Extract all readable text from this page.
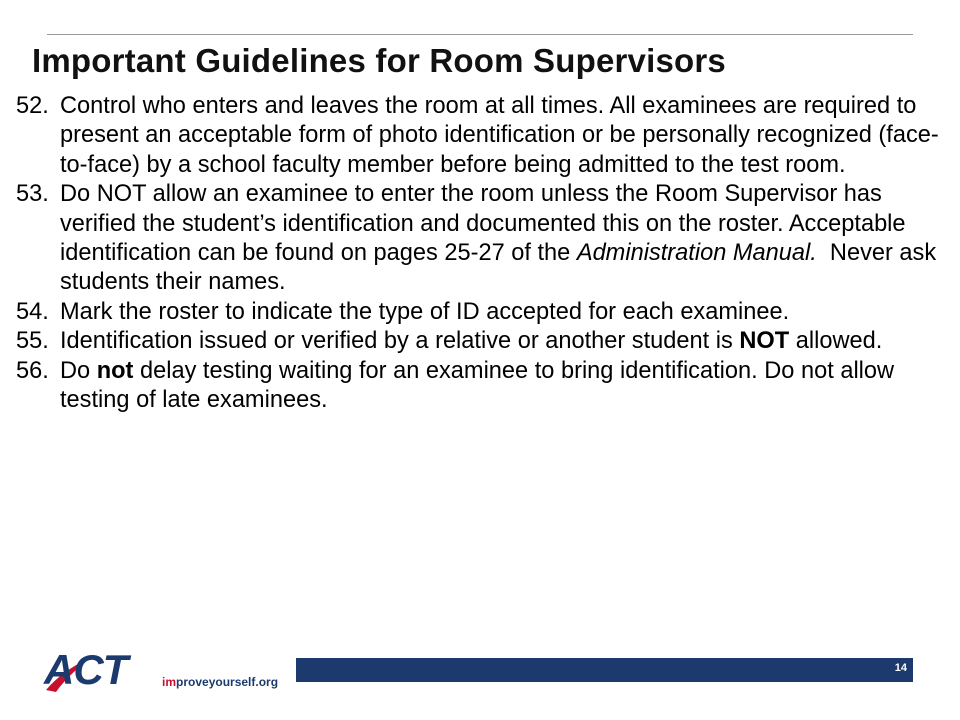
Important Guidelines for Room Supervisors
52. Control who enters and leaves the room at all times. All examinees are required to present an acceptable form of photo identification or be personally recognized (face-to-face) by a school faculty member before being admitted to the test room.
53. Do NOT allow an examinee to enter the room unless the Room Supervisor has verified the student’s identification and documented this on the roster. Acceptable identification can be found on pages 25-27 of the Administration Manual.  Never ask students their names.
54. Mark the roster to indicate the type of ID accepted for each examinee.
55. Identification issued or verified by a relative or another student is NOT allowed.
56. Do not delay testing waiting for an examinee to bring identification. Do not allow testing of late examinees.
ACT	improveyourself.org
14
